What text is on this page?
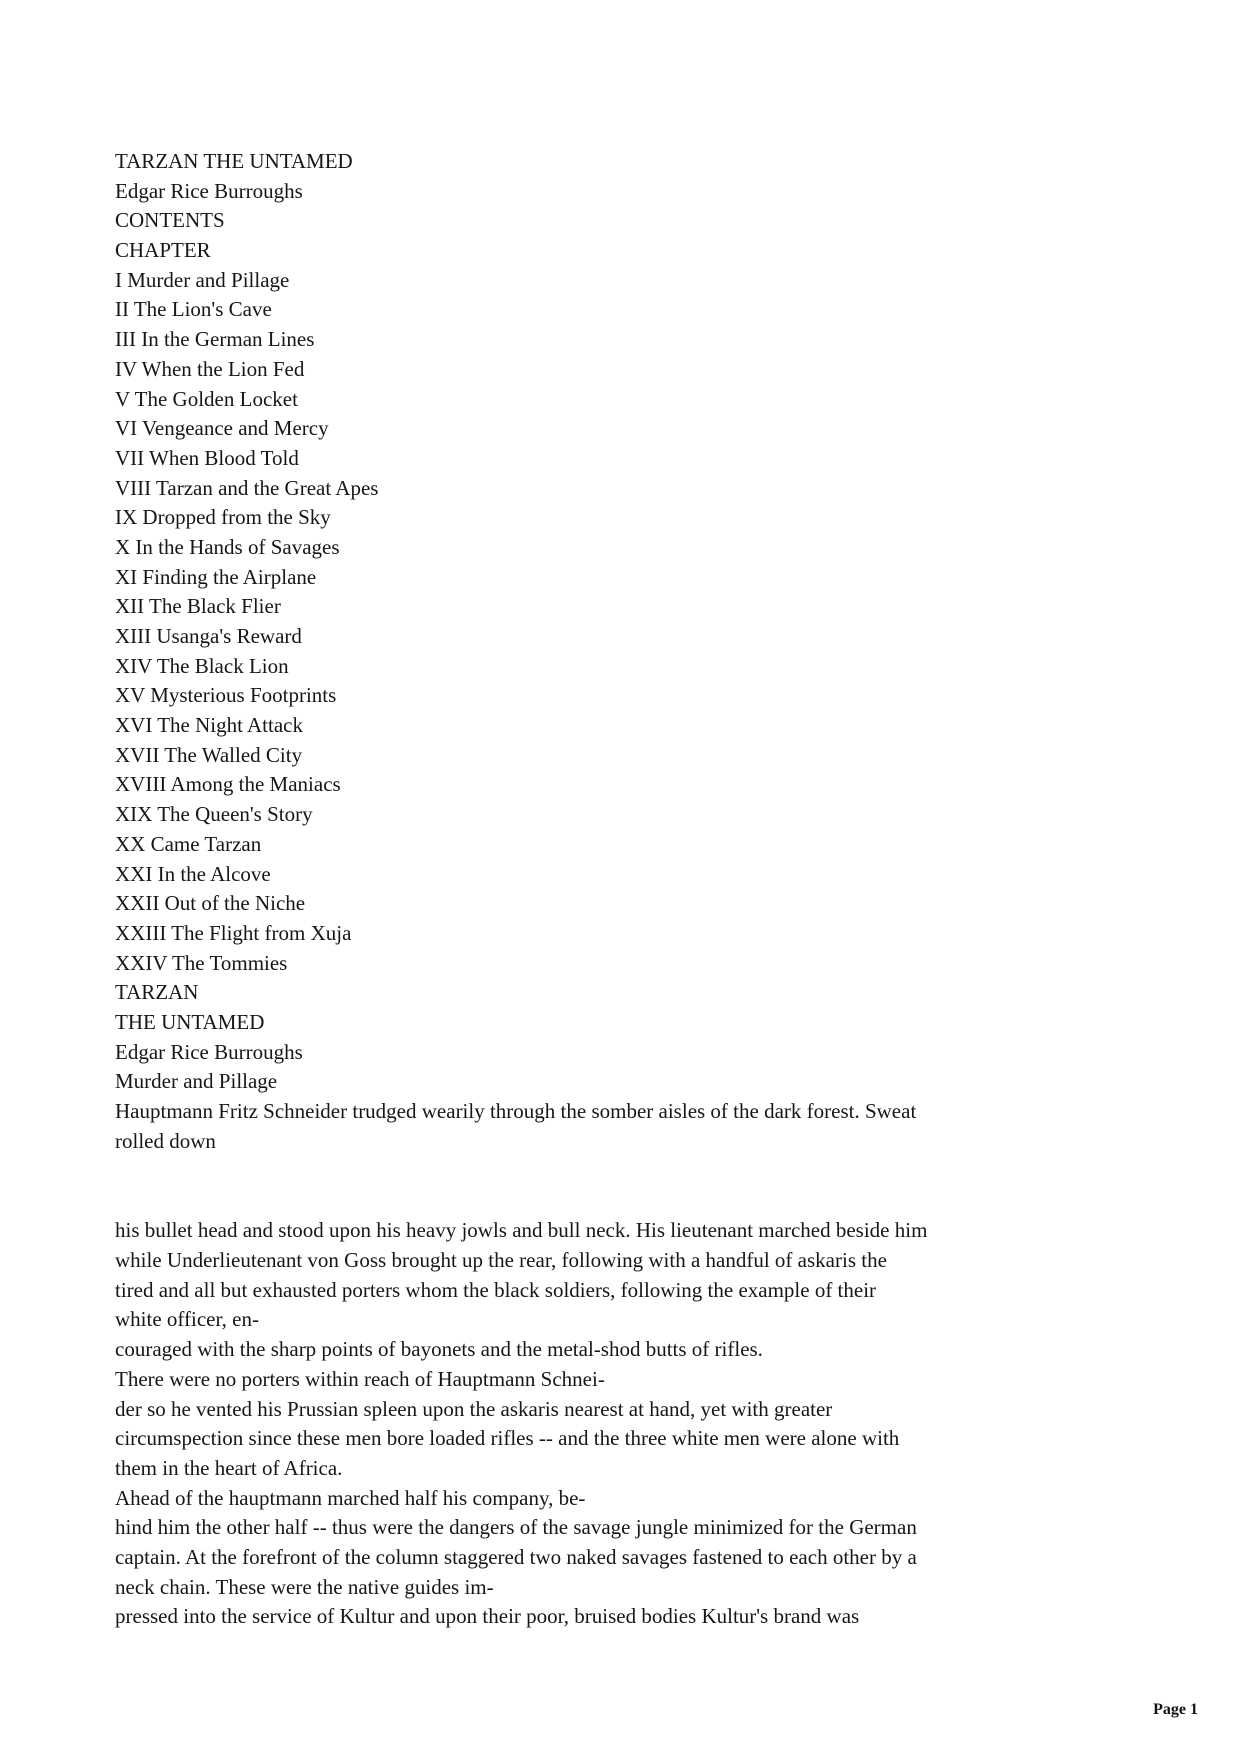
TARZAN THE UNTAMED
Edgar Rice Burroughs
CONTENTS
CHAPTER
I Murder and Pillage
II The Lion's Cave
III In the German Lines
IV When the Lion Fed
V The Golden Locket
VI Vengeance and Mercy
VII When Blood Told
VIII Tarzan and the Great Apes
IX Dropped from the Sky
X In the Hands of Savages
XI Finding the Airplane
XII The Black Flier
XIII Usanga's Reward
XIV The Black Lion
XV Mysterious Footprints
XVI The Night Attack
XVII The Walled City
XVIII Among the Maniacs
XIX The Queen's Story
XX Came Tarzan
XXI In the Alcove
XXII Out of the Niche
XXIII The Flight from Xuja
XXIV The Tommies
TARZAN
THE UNTAMED
Edgar Rice Burroughs
Murder and Pillage
Hauptmann Fritz Schneider trudged wearily through the somber aisles of the dark forest. Sweat
rolled down
his bullet head and stood upon his heavy jowls and bull neck. His lieutenant marched beside him
while Underlieutenant von Goss brought up the rear, following with a handful of askaris the
tired and all but exhausted porters whom the black soldiers, following the example of their
white officer, en-
couraged with the sharp points of bayonets and the metal-shod butts of rifles.
There were no porters within reach of Hauptmann Schnei-
der so he vented his Prussian spleen upon the askaris nearest at hand, yet with greater
circumspection since these men bore loaded rifles -- and the three white men were alone with
them in the heart of Africa.
Ahead of the hauptmann marched half his company, be-
hind him the other half -- thus were the dangers of the savage jungle minimized for the German
captain. At the forefront of the column staggered two naked savages fastened to each other by a
neck chain. These were the native guides im-
pressed into the service of Kultur and upon their poor, bruised bodies Kultur's brand was
Page 1
